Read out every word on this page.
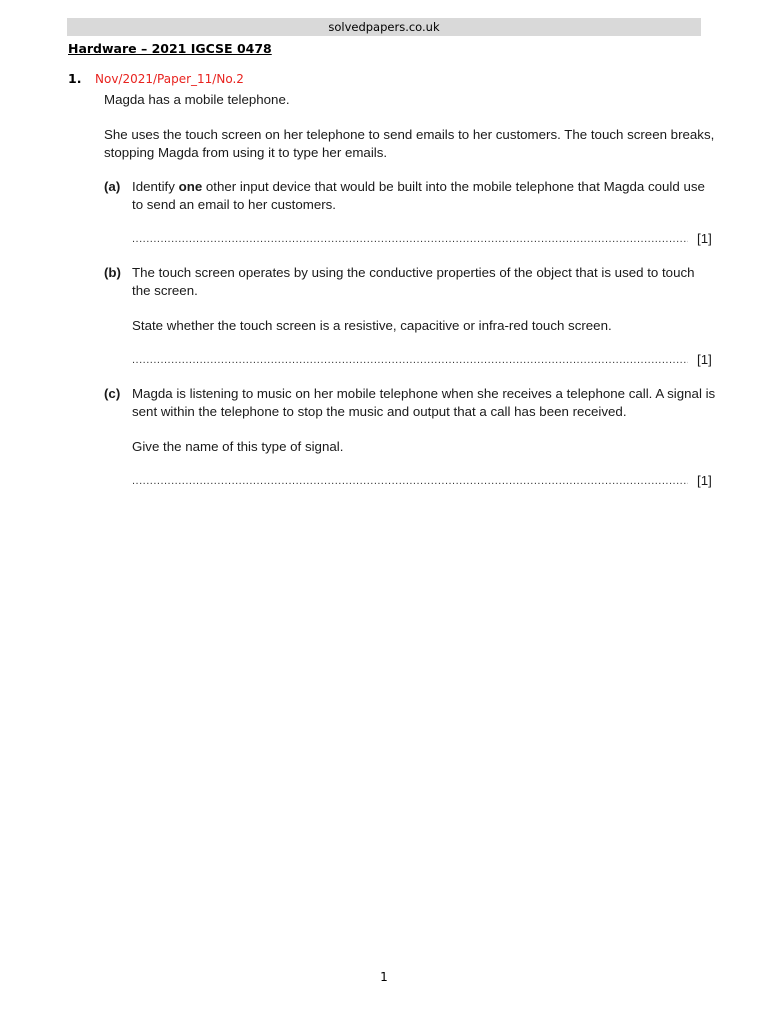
solvedpapers.co.uk
Hardware – 2021 IGCSE 0478
1. Nov/2021/Paper_11/No.2
Magda has a mobile telephone.
She uses the touch screen on her telephone to send emails to her customers. The touch screen breaks, stopping Magda from using it to type her emails.
(a) Identify one other input device that would be built into the mobile telephone that Magda could use to send an email to her customers.
.....
[1]
(b) The touch screen operates by using the conductive properties of the object that is used to touch the screen.
State whether the touch screen is a resistive, capacitive or infra-red touch screen.
.....
[1]
(c) Magda is listening to music on her mobile telephone when she receives a telephone call. A signal is sent within the telephone to stop the music and output that a call has been received.
Give the name of this type of signal.
.....
[1]
1
